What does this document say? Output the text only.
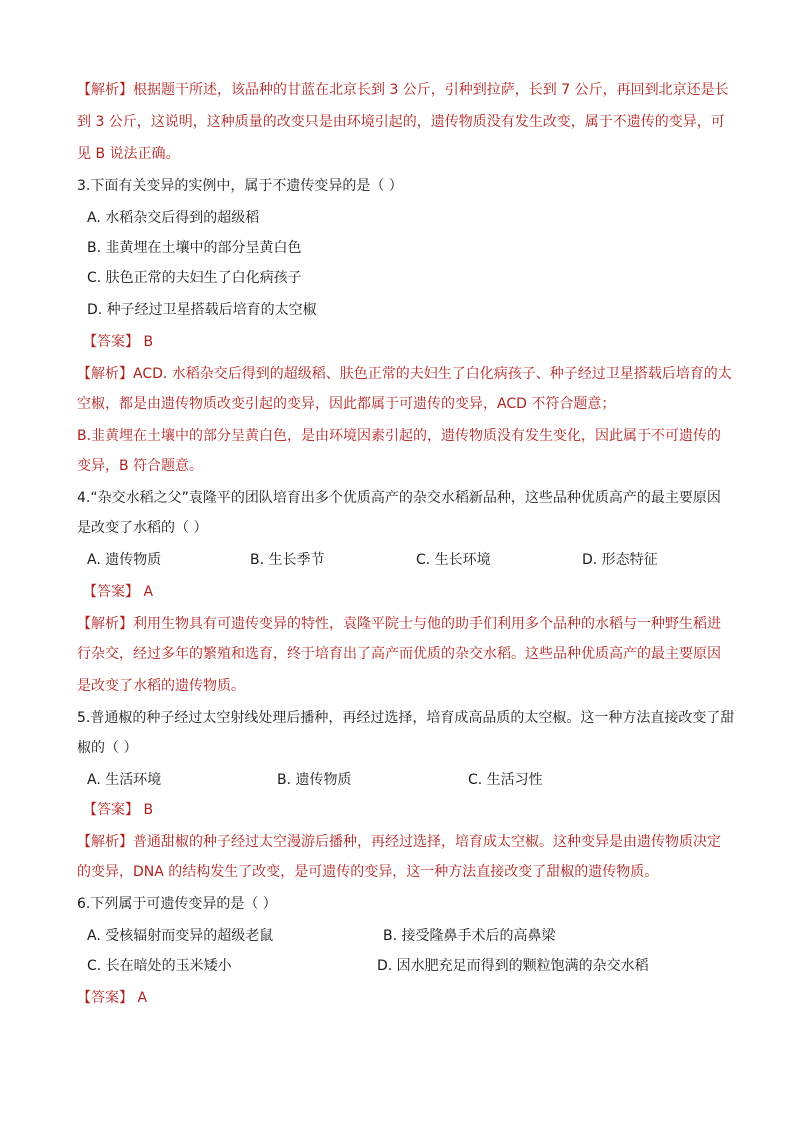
【解析】根据题干所述，该品种的甘蓝在北京长到 3 公斤，引种到拉萨，长到 7 公斤，再回到北京还是长
到 3 公斤，这说明，这种质量的改变只是由环境引起的，遗传物质没有发生改变，属于不遗传的变异，可
见 B 说法正确。
3.下面有关变异的实例中，属于不遗传变异的是（ ）
A. 水稻杂交后得到的超级稻
B. 韭黄埋在土壤中的部分呈黄白色
C. 肤色正常的夫妇生了白化病孩子
D. 种子经过卫星搭载后培育的太空椒
【答案】 B
【解析】ACD. 水稻杂交后得到的超级稻、肤色正常的夫妇生了白化病孩子、种子经过卫星搭载后培育的太
空椒，都是由遗传物质改变引起的变异，因此都属于可遗传的变异，ACD 不符合题意；
B.韭黄埋在土壤中的部分呈黄白色，是由环境因素引起的，遗传物质没有发生变化，因此属于不可遗传的
变异，B 符合题意。
4.“杂交水稻之父”袁隆平的团队培育出多个优质高产的杂交水稻新品种，这些品种优质高产的最主要原因
是改变了水稻的（ ）
A. 遗传物质	B. 生长季节	C. 生长环境	D. 形态特征
【答案】 A
【解析】利用生物具有可遗传变异的特性，袁隆平院士与他的助手们利用多个品种的水稻与一种野生稻进
行杂交，经过多年的繁殖和选育，终于培育出了高产而优质的杂交水稻。这些品种优质高产的最主要原因
是改变了水稻的遗传物质。
5.普通椒的种子经过太空射线处理后播种，再经过选择，培育成高品质的太空椒。这一种方法直接改变了甜
椒的（ ）
A. 生活环境	B. 遗传物质	C. 生活习性
【答案】 B
【解析】普通甜椒的种子经过太空漫游后播种，再经过选择，培育成太空椒。这种变异是由遗传物质决定
的变异，DNA 的结构发生了改变，是可遗传的变异，这一种方法直接改变了甜椒的遗传物质。
6.下列属于可遗传变异的是（ ）
A. 受核辐射而变异的超级老鼠	B. 接受隆鼻手术后的高鼻梁
C. 长在暗处的玉米矮小	D. 因水肥充足而得到的颗粒饱满的杂交水稻
【答案】 A
